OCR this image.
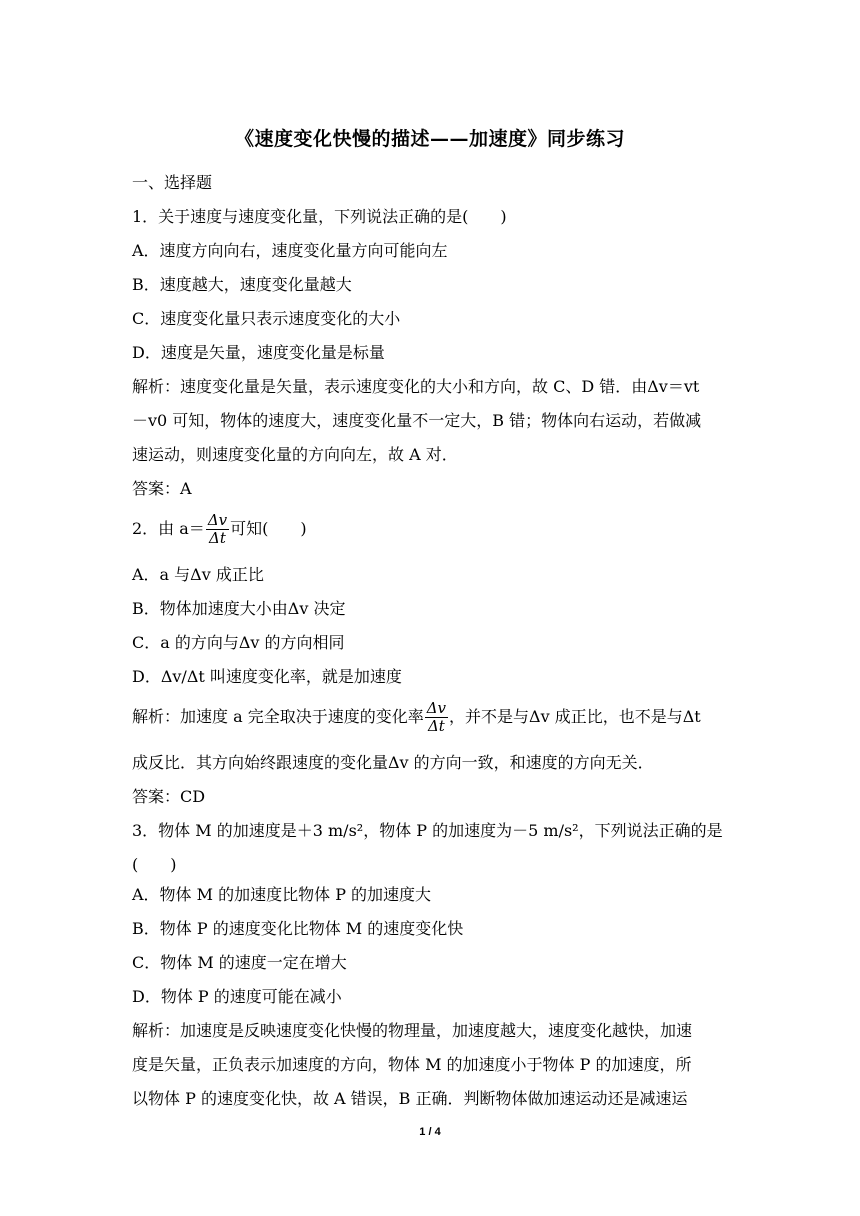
《速度变化快慢的描述——加速度》同步练习
一、选择题
1．关于速度与速度变化量，下列说法正确的是(　　)
A．速度方向向右，速度变化量方向可能向左
B．速度越大，速度变化量越大
C．速度变化量只表示速度变化的大小
D．速度是矢量，速度变化量是标量
解析：速度变化量是矢量，表示速度变化的大小和方向，故 C、D 错．由Δv＝vt
－v0 可知，物体的速度大，速度变化量不一定大，B 错；物体向右运动，若做减
速运动，则速度变化量的方向向左，故 A 对．
答案：A
2．由 $a= \frac{\Delta v}{\Delta t}$ 可知(　　)
A．a 与Δv 成正比
B．物体加速度大小由Δv 决定
C．a 的方向与Δv 的方向相同
D．Δv/Δt 叫速度变化率，就是加速度
解析：加速度 a 完全取决于速度的变化率 $\frac{\Delta v}{\Delta t}$ ，并不是与Δv 成正比，也不是与Δt
成反比．其方向始终跟速度的变化量Δv 的方向一致，和速度的方向无关．
答案：CD
3．物体 M 的加速度是＋3 m/s²，物体 P 的加速度为－5 m/s²，下列说法正确的是
(　　)
A．物体 M 的加速度比物体 P 的加速度大
B．物体 P 的速度变化比物体 M 的速度变化快
C．物体 M 的速度一定在增大
D．物体 P 的速度可能在减小
解析：加速度是反映速度变化快慢的物理量，加速度越大，速度变化越快，加速
度是矢量，正负表示加速度的方向，物体 M 的加速度小于物体 P 的加速度，所
以物体 P 的速度变化快，故 A 错误，B 正确．判断物体做加速运动还是减速运
1 / 4
